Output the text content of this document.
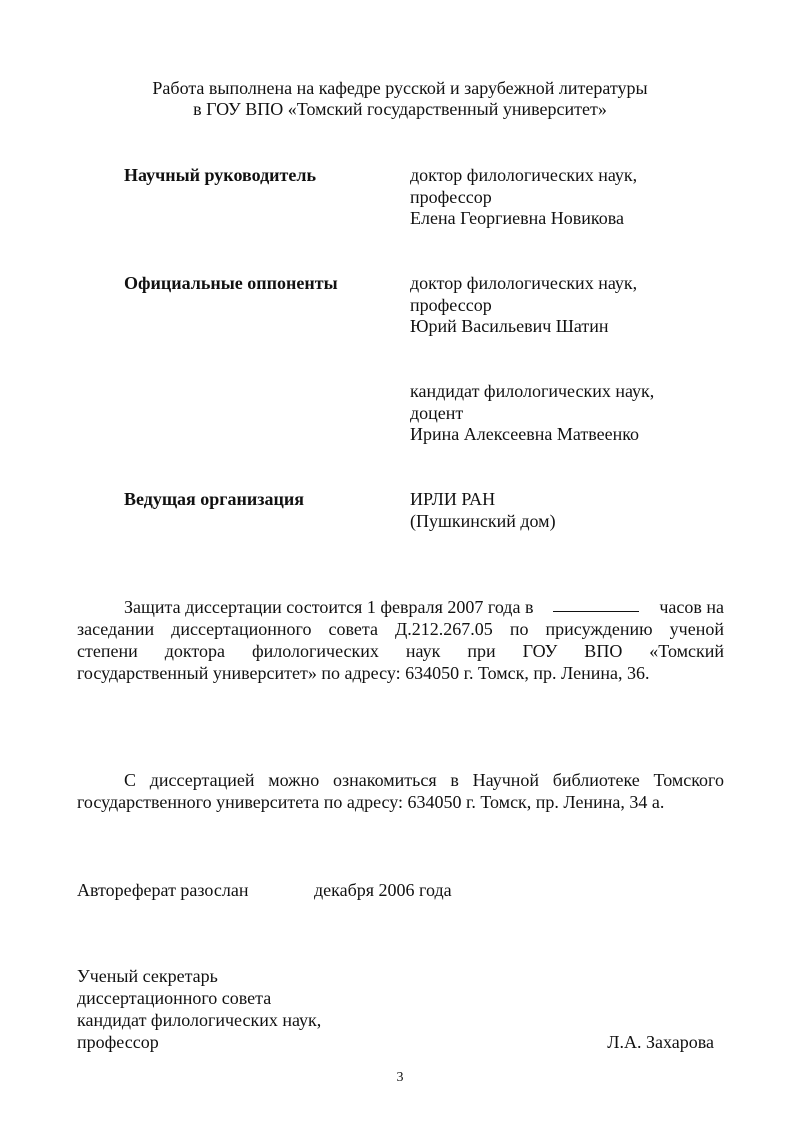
Работа выполнена на кафедре русской и зарубежной литературы
в ГОУ ВПО «Томский государственный университет»
Научный руководитель	доктор филологических наук,
профессор
Елена Георгиевна Новикова
Официальные оппоненты	доктор филологических наук,
профессор
Юрий Васильевич Шатин
кандидат филологических наук,
доцент
Ирина Алексеевна Матвеенко
Ведущая организация	ИРЛИ РАН
(Пушкинский дом)
Защита диссертации состоится 1 февраля 2007 года в	часов на
заседании диссертационного совета Д.212.267.05 по присуждению ученой
степени доктора филологических наук при ГОУ ВПО «Томский
государственный университет» по адресу: 634050 г. Томск, пр. Ленина, 36.
С диссертацией можно ознакомиться в Научной библиотеке Томского
государственного университета по адресу: 634050 г. Томск, пр. Ленина, 34 а.
Автореферат разослан	декабря 2006 года
Ученый секретарь
диссертационного совета
кандидат филологических наук,
профессор	Л.А. Захарова
3
